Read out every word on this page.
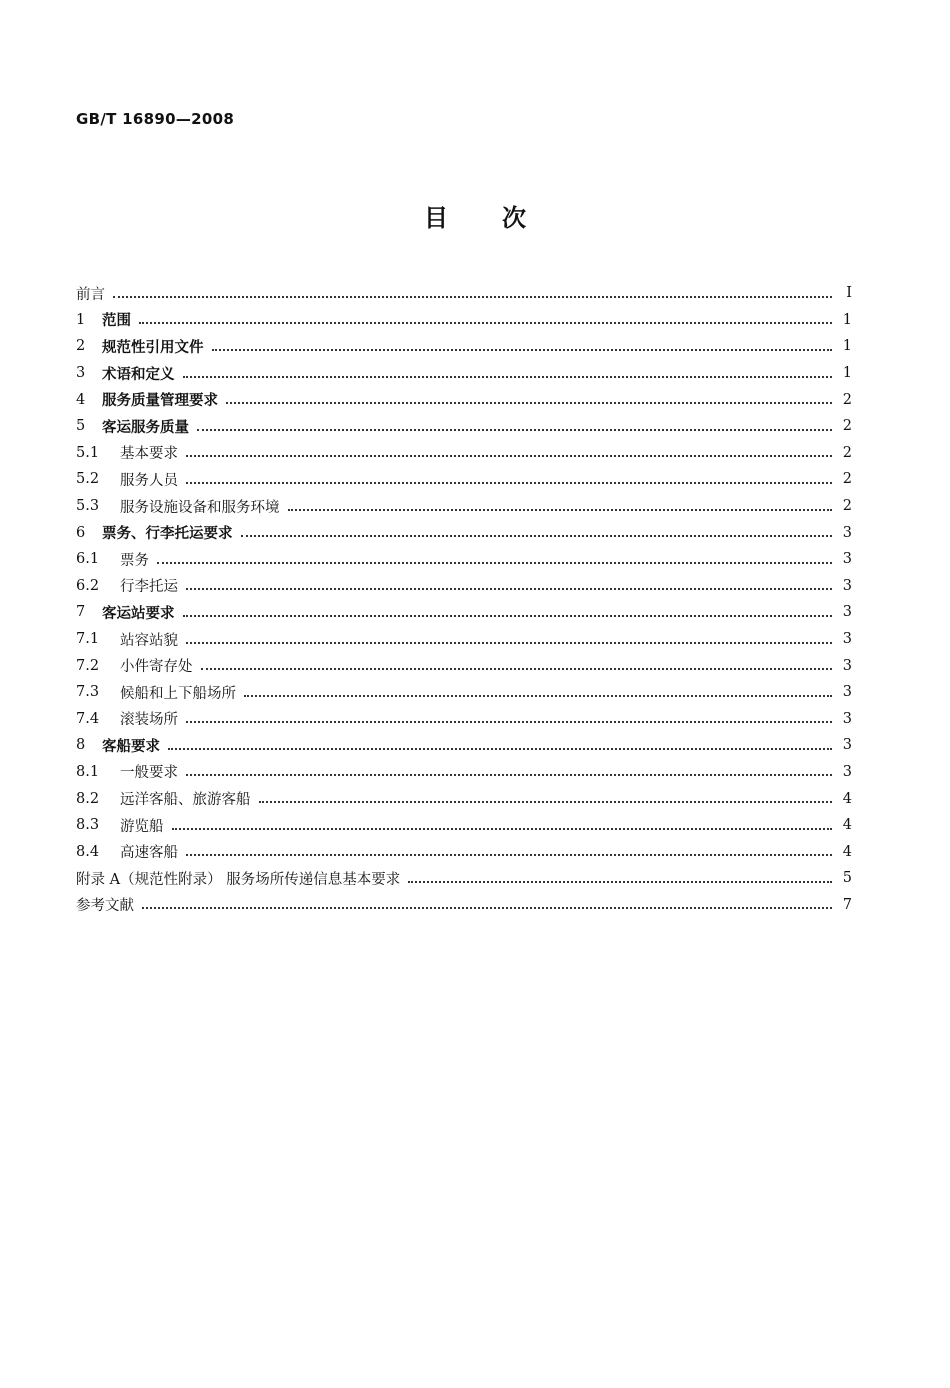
GB/T 16890—2008
目 次
前言	Ⅰ
1	范围	1
2	规范性引用文件	1
3	术语和定义	1
4	服务质量管理要求	2
5	客运服务质量	2
5.1	基本要求	2
5.2	服务人员	2
5.3	服务设施设备和服务环境	2
6	票务、行李托运要求	3
6.1	票务	3
6.2	行李托运	3
7	客运站要求	3
7.1	站容站貌	3
7.2	小件寄存处	3
7.3	候船和上下船场所	3
7.4	滚装场所	3
8	客船要求	3
8.1	一般要求	3
8.2	远洋客船、旅游客船	4
8.3	游览船	4
8.4	高速客船	4
附录 A（规范性附录） 服务场所传递信息基本要求	5
参考文献	7
